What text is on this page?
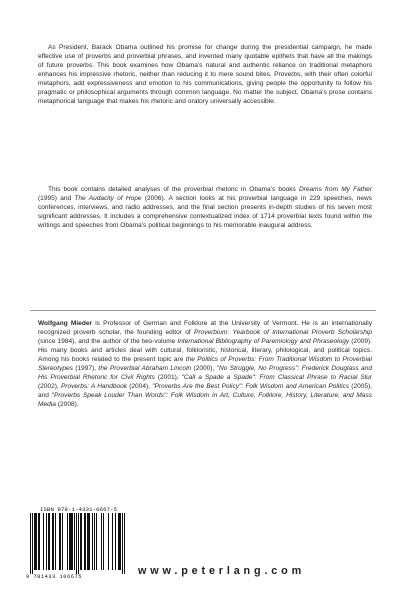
As President, Barack Obama outlined his promise for change during the presidential campaign, he made effective use of proverbs and proverbial phrases, and invented many quotable epithets that have all the makings of future proverbs. This book examines how Obama's natural and authentic reliance on traditional metaphors enhances his impressive rhetoric, neither than reducing it to mere sound bites. Proverbs, with their often colorful metaphors, add expressiveness and emotion to his communications, giving people the opportunity to follow his pragmatic or philosophical arguments through common language. No matter the subject, Obama's prose contains metaphorical language that makes his rhetoric and oratory universally accessible.

This book contains detailed analyses of the proverbial rhetoric in Obama's books Dreams from My Father (1995) and The Audacity of Hope (2006). A section looks at his proverbial language in 229 speeches, news conferences, interviews, and radio addresses, and the final section presents in-depth studies of his seven most significant addresses. It includes a comprehensive contextualized index of 1714 proverbial texts found within the writings and speeches from Obama's political beginnings to his memorable inaugural address.

Wolfgang Mieder is Professor of German and Folklore at the University of Vermont. He is an internationally recognized proverb scholar, the founding editor of Proverbium: Yearbook of International Proverb Scholarship (since 1984), and the author of the two-volume International Bibliography of Paremiology and Phraseology (2009). His many books and articles deal with cultural, folkloristic, historical, literary, philological, and political topics. Among his books related to the present topic are the Politics of Proverbs: From Traditional Wisdom to Proverbial Stereotypes (1997), the Proverbial Abraham Lincoln (2000), "No Struggle, No Progress": Frederick Douglass and His Proverbial Rhetoric for Civil Rights (2001), "Call a Spade a Spade": From Classical Phrase to Racial Slur (2002), Proverbs: A Handbook (2004), "Proverbs Are the Best Policy": Folk Wisdom and American Politics (2005), and "Proverbs Speak Louder Than Words": Folk Wisdom in Art, Culture, Folklore, History, Literature, and Mass Media (2008).

ISBN 978-1-4331-0667-5
9 781433 106675	www.peterlang.com
